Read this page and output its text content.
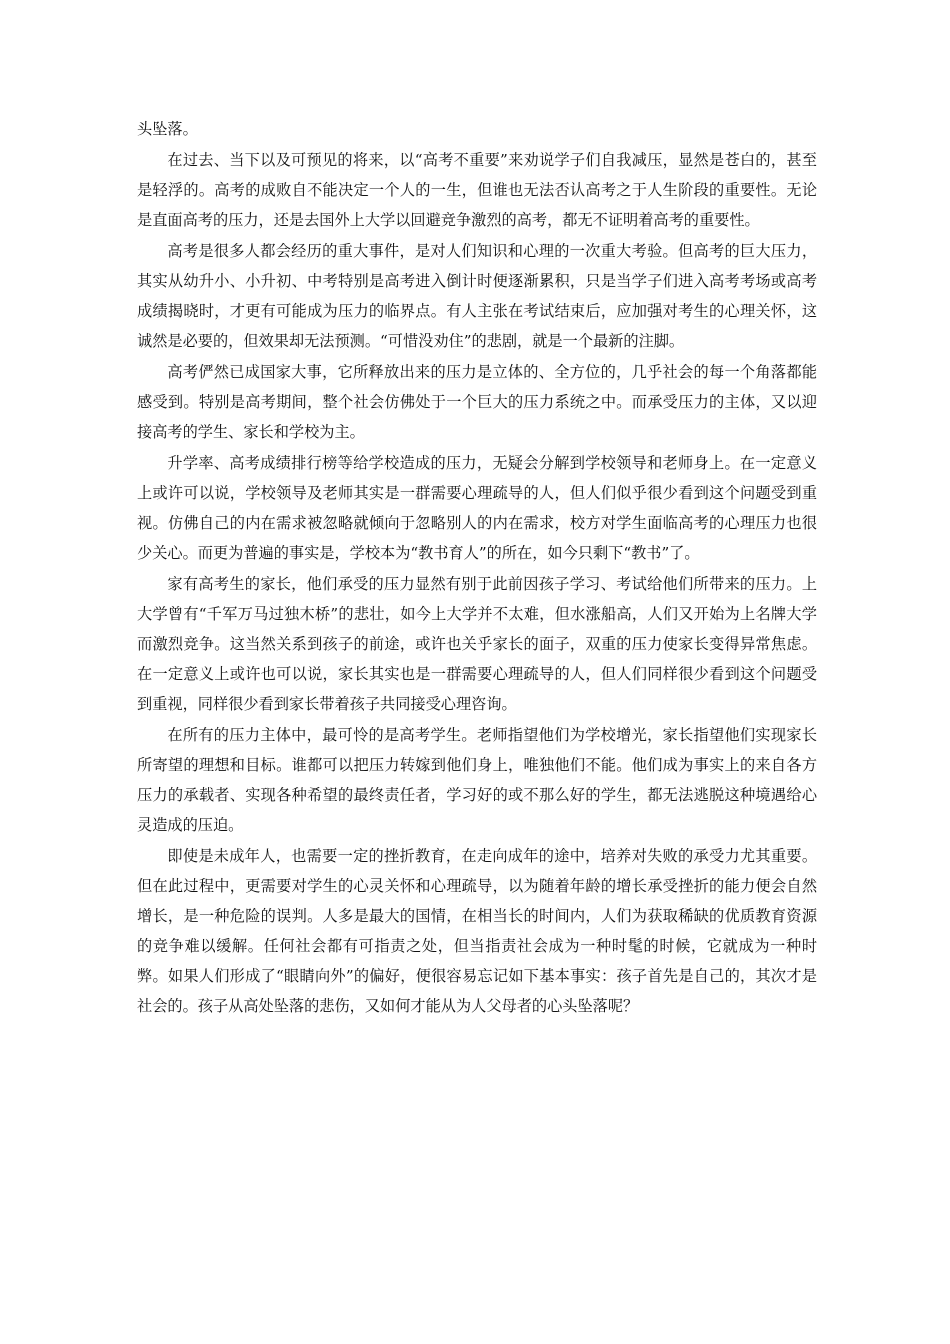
头坠落。

在过去、当下以及可预见的将来，以“高考不重要”来劝说学子们自我减压，显然是苍白的，甚至是轻浮的。高考的成败自不能决定一个人的一生，但谁也无法否认高考之于人生阶段的重要性。无论是直面高考的压力，还是去国外上大学以回避竞争激烈的高考，都无不证明着高考的重要性。

高考是很多人都会经历的重大事件，是对人们知识和心理的一次重大考验。但高考的巨大压力，其实从幼升小、小升初、中考特别是高考进入倒计时便逐渐累积，只是当学子们进入高考考场或高考成绩揭晓时，才更有可能成为压力的临界点。有人主张在考试结束后，应加强对考生的心理关怀，这诚然是必要的，但效果却无法预测。“可惜没劝住”的悲剧，就是一个最新的注脚。

高考俨然已成国家大事，它所释放出来的压力是立体的、全方位的，几乎社会的每一个角落都能感受到。特别是高考期间，整个社会仿佛处于一个巨大的压力系统之中。而承受压力的主体，又以迎接高考的学生、家长和学校为主。

升学率、高考成绩排行榜等给学校造成的压力，无疑会分解到学校领导和老师身上。在一定意义上或许可以说，学校领导及老师其实是一群需要心理疏导的人，但人们似乎很少看到这个问题受到重视。仿佛自己的内在需求被忽略就倾向于忽略别人的内在需求，校方对学生面临高考的心理压力也很少关心。而更为普遍的事实是，学校本为“教书育人”的所在，如今只剩下“教书”了。

家有高考生的家长，他们承受的压力显然有别于此前因孩子学习、考试给他们所带来的压力。上大学曾有“千军万马过独木桥”的悲壮，如今上大学并不太难，但水涨船高，人们又开始为上名牌大学而激烈竞争。这当然关系到孩子的前途，或许也关乎家长的面子，双重的压力使家长变得异常焦虑。在一定意义上或许也可以说，家长其实也是一群需要心理疏导的人，但人们同样很少看到这个问题受到重视，同样很少看到家长带着孩子共同接受心理咨询。

在所有的压力主体中，最可怜的是高考学生。老师指望他们为学校增光，家长指望他们实现家长所寄望的理想和目标。谁都可以把压力转嫁到他们身上，唯独他们不能。他们成为事实上的来自各方压力的承载者、实现各种希望的最终责任者，学习好的或不那么好的学生，都无法逃脱这种境遇给心灵造成的压迫。

即使是未成年人，也需要一定的挫折教育，在走向成年的途中，培养对失败的承受力尤其重要。但在此过程中，更需要对学生的心灵关怀和心理疏导，以为随着年龄的增长承受挫折的能力便会自然增长，是一种危险的误判。人多是最大的国情，在相当长的时间内，人们为获取稀缺的优质教育资源的竞争难以缓解。任何社会都有可指责之处，但当指责社会成为一种时髦的时候，它就成为一种时弊。如果人们形成了“眼睛向外”的偏好，便很容易忘记如下基本事实：孩子首先是自己的，其次才是社会的。孩子从高处坠落的悲伤，又如何才能从为人父母者的心头坠落呢？
